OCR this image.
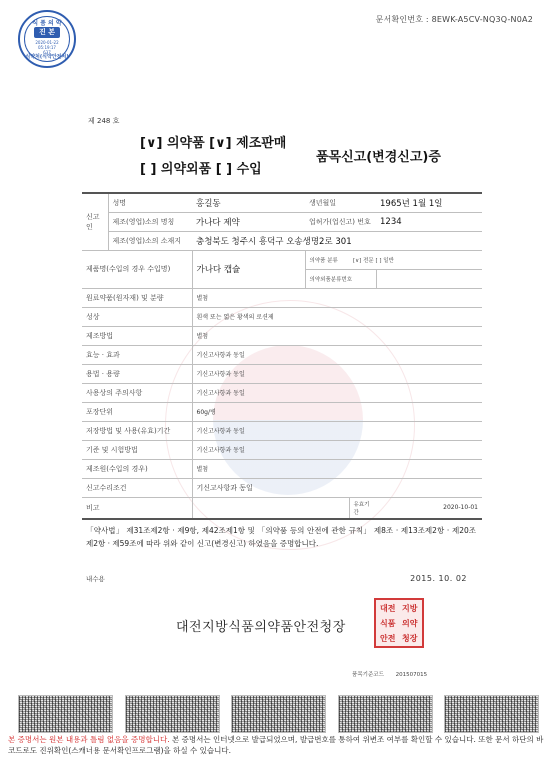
문서확인번호 : 8EWK-A5CV-NQ3Q-N0A2
식 품 의 약
진 본
2020-01-22
05:19:17
637
식약처(식약안전처)
제 248 호
[∨] 의약품 [∨] 제조판매
[ ] 의약외품 [ ] 수입
품목신고(변경신고)증
신고인	성명	홍길동	생년월일		1965년 1월 1일
	제조(영업)소의 명칭	가나다 제약	업허가(업신고) 번호		1234
	제조(영업)소의 소재지	충청북도 청주시 흥덕구 오송생명2로 301			
제품명(수입의 경우 수입명)		가나다 캡슐	의약품 분류	[∨] 전문 [ ] 일반	
			의약외품분류번호		
원료약품(원자재) 및 분량		별첨			
성상		흰색 또는 엷은 황색의 로션제			
제조방법		별첨			
효능 · 효과		기신고사항과 동일			
용법 · 용량		기신고사항과 동일			
사용상의 주의사항		기신고사항과 동일			
포장단위		60g/병			
저장방법 및 사용(유효)기간		기신고사항과 동일			
기준 및 시험방법		기신고사항과 동일			
제조원(수입의 경우)		별첨			
신고수리조건		기신고사항과 동일			
비고				유효기간	2020-10-01
「약사법」 제31조제2항 · 제9항, 제42조제1항 및 「의약품 등의 안전에 관한 규칙」 제8조 · 제13조제2항 · 제20조제2항 · 제59조에 따라 위와 같이 신고(변경신고) 하였음을 증명합니다.
내수용	2015. 10. 02
대전지방식품의약품안전청장
대전 지방
식품 의약
안전 청장
품목기준코드 201507015
본 증명서는 원본 내용과 틀림 없음을 증명합니다. 본 증명서는 인터넷으로 발급되었으며, 발급번호를 통하여 위변조 여부를 확인할 수 있습니다. 또한 문서 하단의 바코드로도 진위확인(스캐너용 문서확인프로그램)을 하실 수 있습니다.
